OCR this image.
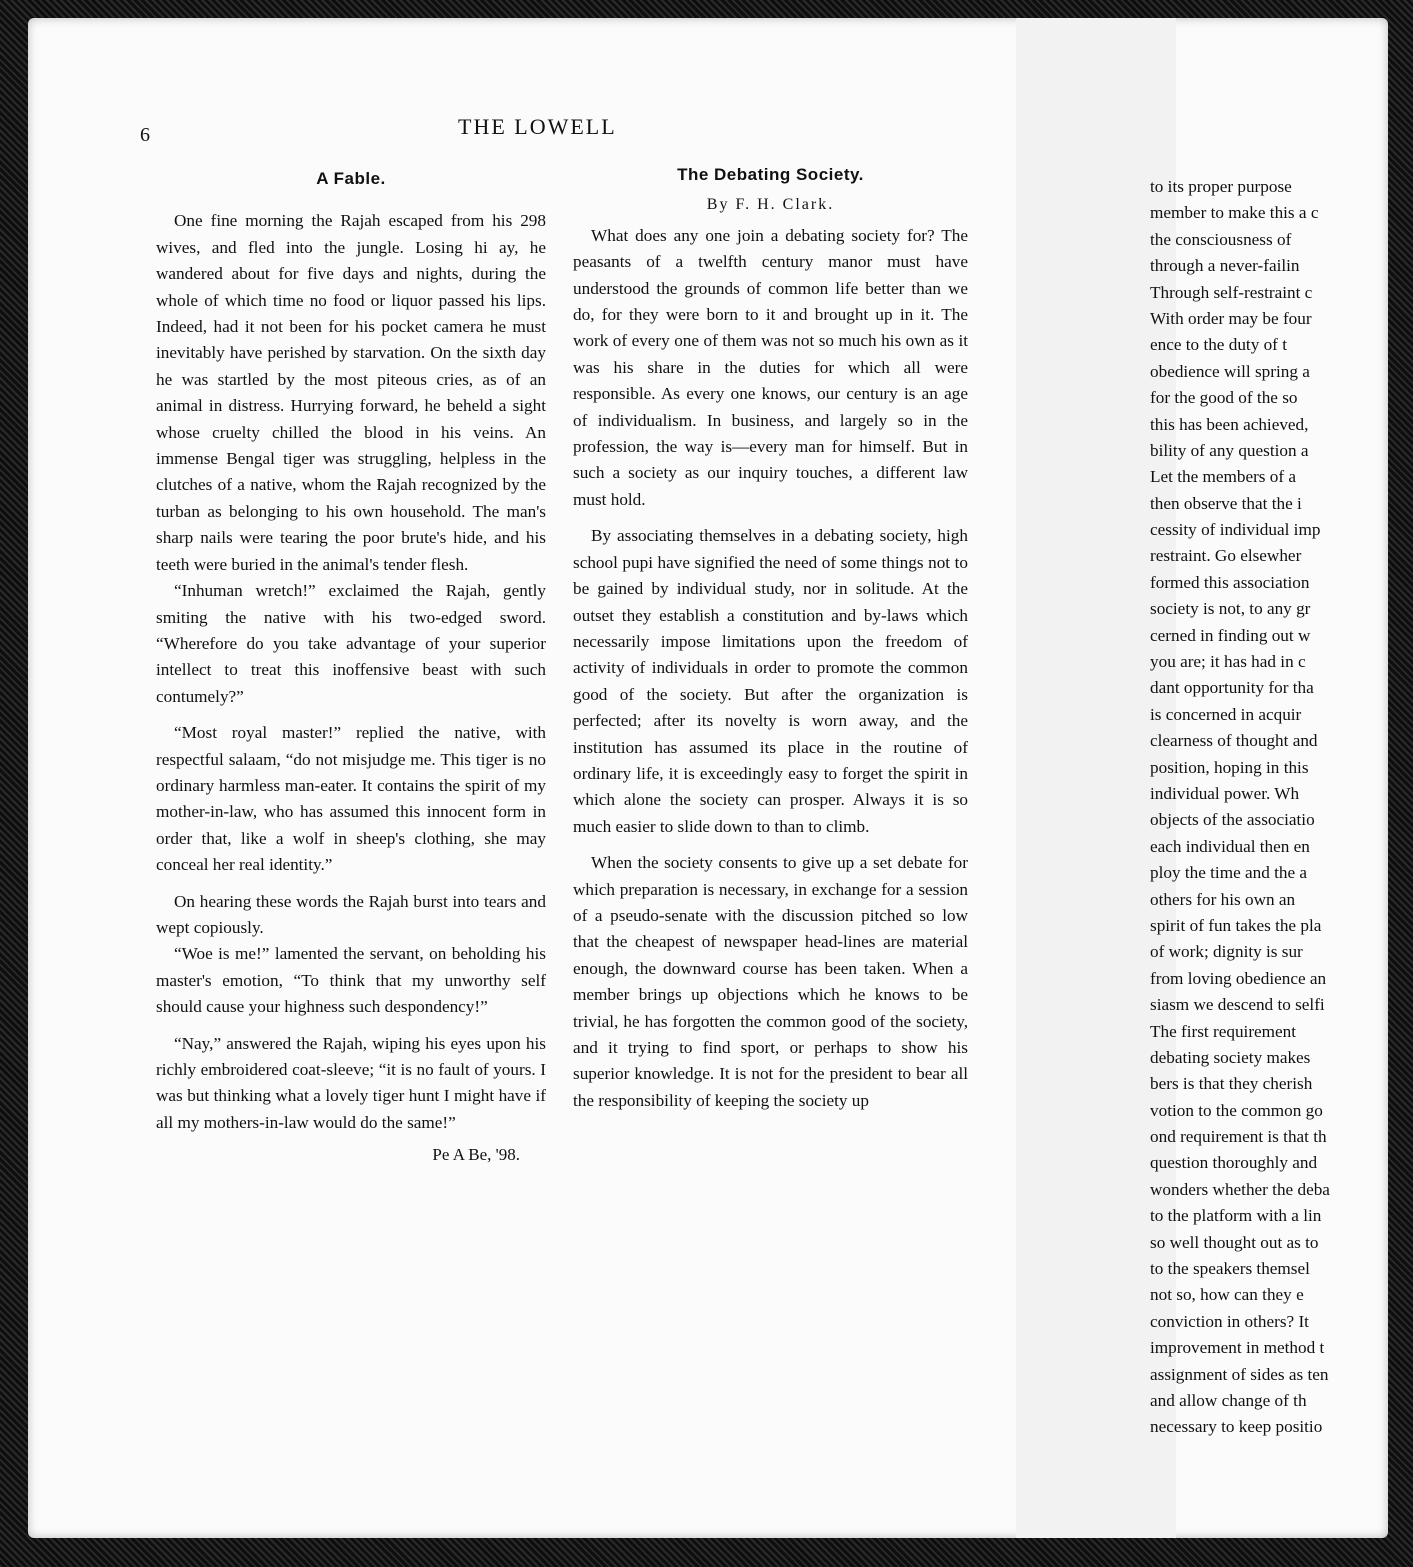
6	THE LOWELL
A Fable.

One fine morning the Rajah escaped from his 298 wives, and fled into the jungle. Losing hi ay, he wandered about for five days and nights, during the whole of which time no food or liquor passed his lips. Indeed, had it not been for his pocket camera he must inevitably have perished by starvation. On the sixth day he was startled by the most piteous cries, as of an animal in distress. Hurrying forward, he beheld a sight whose cruelty chilled the blood in his veins. An immense Bengal tiger was struggling, helpless in the clutches of a native, whom the Rajah recognized by the turban as belonging to his own household. The man's sharp nails were tearing the poor brute's hide, and his teeth were buried in the animal's tender flesh.

“Inhuman wretch!” exclaimed the Rajah, gently smiting the native with his two-edged sword. “Wherefore do you take advantage of your superior intellect to treat this inoffensive beast with such contumely?”

“Most royal master!” replied the native, with respectful salaam, “do not misjudge me. This tiger is no ordinary harmless man-eater. It contains the spirit of my mother-in-law, who has assumed this innocent form in order that, like a wolf in sheep's clothing, she may conceal her real identity.”

On hearing these words the Rajah burst into tears and wept copiously.

“Woe is me!” lamented the servant, on beholding his master's emotion, “To think that my unworthy self should cause your highness such despondency!”

“Nay,” answered the Rajah, wiping his eyes upon his richly embroidered coat-sleeve; “it is no fault of yours. I was but thinking what a lovely tiger hunt I might have if all my mothers-in-law would do the same!”

Pe A Be, '98.
The Debating Society.
By F. H. Clark.

What does any one join a debating society for? The peasants of a twelfth century manor must have understood the grounds of common life better than we do, for they were born to it and brought up in it. The work of every one of them was not so much his own as it was his share in the duties for which all were responsible. As every one knows, our century is an age of individualism. In business, and largely so in the profession, the way is—every man for himself. But in such a society as our inquiry touches, a different law must hold.

By associating themselves in a debating society, high school pupi have signified the need of some things not to be gained by individual study, nor in solitude. At the outset they establish a constitution and by-laws which necessarily impose limitations upon the freedom of activity of individuals in order to promote the common good of the society. But after the organization is perfected; after its novelty is worn away, and the institution has assumed its place in the routine of ordinary life, it is exceedingly easy to forget the spirit in which alone the society can prosper. Always it is so much easier to slide down to than to climb.

When the society consents to give up a set debate for which preparation is necessary, in exchange for a session of a pseudo-senate with the discussion pitched so low that the cheapest of newspaper head-lines are material enough, the downward course has been taken. When a member brings up objections which he knows to be trivial, he has forgotten the common good of the society, and it trying to find sport, or perhaps to show his superior knowledge. It is not for the president to bear all the responsibility of keeping the society up

to its proper purpose
member to make this a c
the consciousness of
through a never-failin
Through self-restraint c
With order may be four
ence to the duty of t
obedience will spring a
for the good of the so
this has been achieved,
bility of any question a
Let the members of a
then observe that the i
cessity of individual imp
restraint. Go elsewher
formed this association
society is not, to any gr
cerned in finding out w
you are; it has had in c
dant opportunity for tha
is concerned in acquir
clearness of thought and
position, hoping in this
individual power. Wh
objects of the associatio
each individual then en
ploy the time and the a
others for his own an
spirit of fun takes the pla
of work; dignity is sur
from loving obedience an
siasm we descend to selfi
The first requirement
debating society makes
bers is that they cherish
votion to the common go
ond requirement is that th
question thoroughly and
wonders whether the deba
to the platform with a lin
so well thought out as to
to the speakers themsel
not so, how can they e
conviction in others? It
improvement in method t
assignment of sides as ten
and allow change of th
necessary to keep positio
